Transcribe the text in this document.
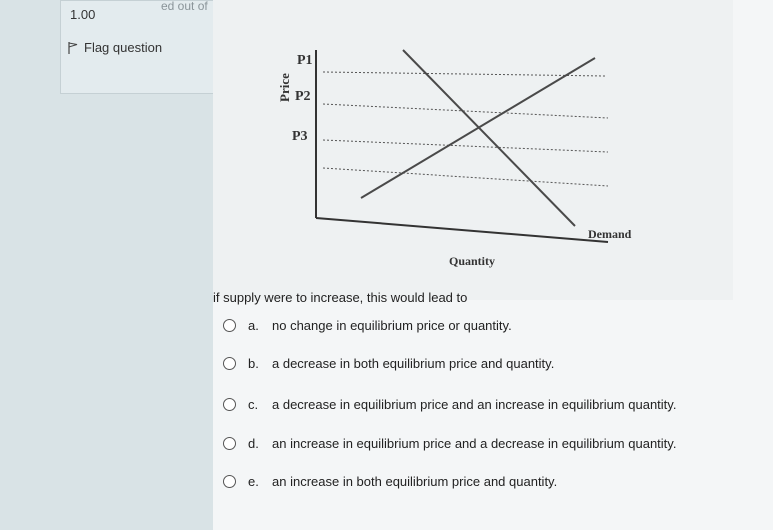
ed out of
1.00
Flag question
Price
P1
P2
P3
Demand
Quantity
if supply were to increase, this would lead to
a.	no change in equilibrium price or quantity.
b.	a decrease in both equilibrium price and quantity.
c.	a decrease in equilibrium price and an increase in equilibrium quantity.
d.	an increase in equilibrium price and a decrease in equilibrium quantity.
e.	an increase in both equilibrium price and quantity.
